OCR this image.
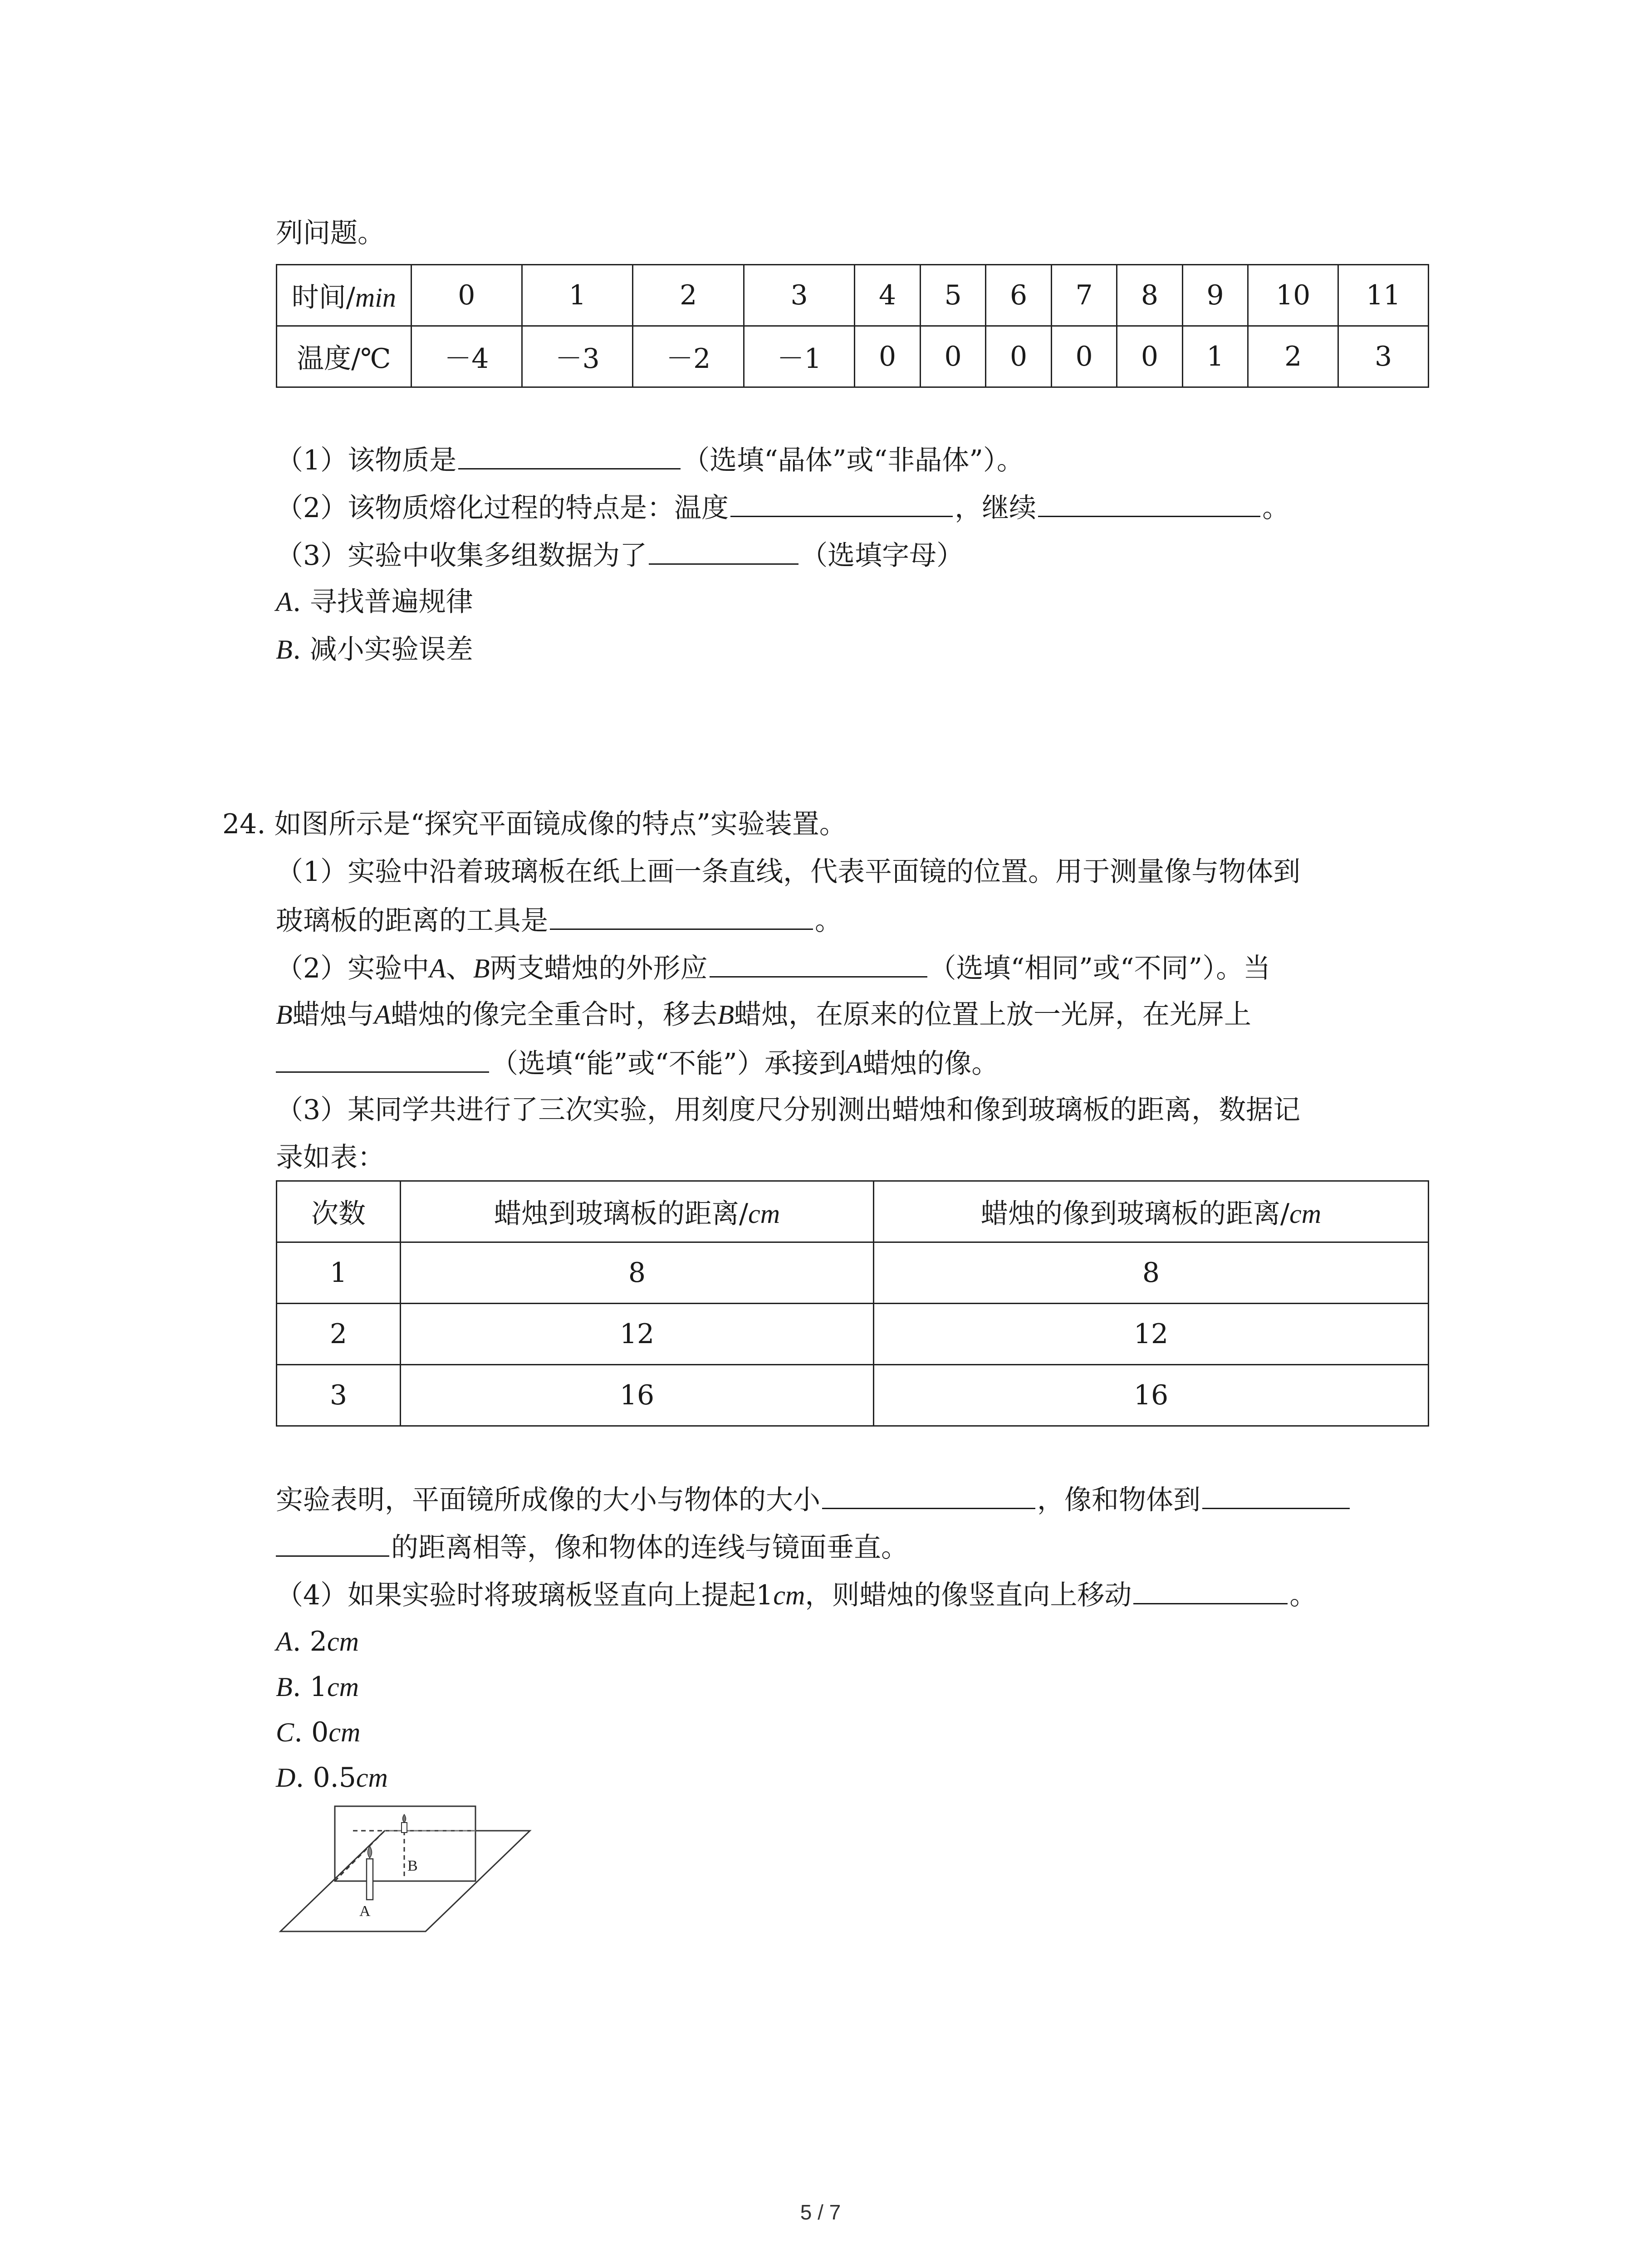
列问题。
时间/min	0	1	2	3	4	5	6	7	8	9	10	11
温度/℃	－4	－3	－2	－1	0	0	0	0	0	1	2	3
（1）该物质是	（选填“晶体”或“非晶体”）。
（2）该物质熔化过程的特点是：温度	，继续	。
（3）实验中收集多组数据为了	（选填字母）
A. 寻找普遍规律
B. 减小实验误差
24. 如图所示是“探究平面镜成像的特点”实验装置。
（1）实验中沿着玻璃板在纸上画一条直线，代表平面镜的位置。用于测量像与物体到
玻璃板的距离的工具是	。
（2）实验中A、B两支蜡烛的外形应	（选填“相同”或“不同”）。当
B蜡烛与A蜡烛的像完全重合时，移去B蜡烛，在原来的位置上放一光屏，在光屏上
（选填“能”或“不能”）承接到A蜡烛的像。
（3）某同学共进行了三次实验，用刻度尺分别测出蜡烛和像到玻璃板的距离，数据记
录如表：
次数	蜡烛到玻璃板的距离/cm	蜡烛的像到玻璃板的距离/cm
1	8	8
2	12	12
3	16	16
实验表明，平面镜所成像的大小与物体的大小	，像和物体到
的距离相等，像和物体的连线与镜面垂直。
（4）如果实验时将玻璃板竖直向上提起1cm，则蜡烛的像竖直向上移动	。
A. 2cm
B. 1cm
C. 0cm
D. 0.5cm
A
B
5 / 7
